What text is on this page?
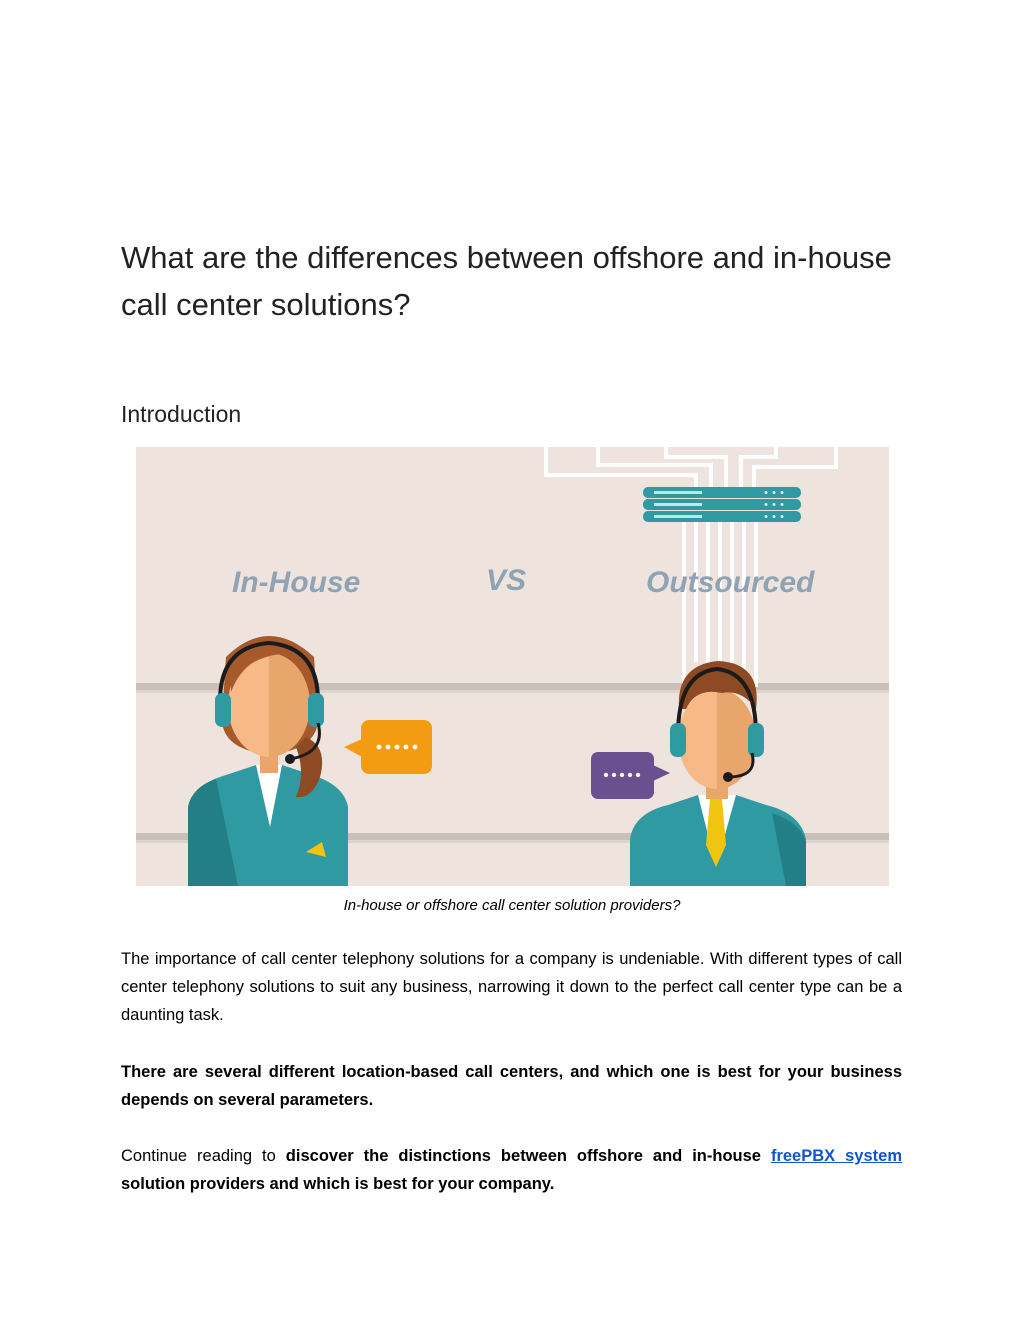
What are the differences between offshore and in-house call center solutions?
Introduction
In-House	VS	Outsourced
In-house or offshore call center solution providers?

The importance of call center telephony solutions for a company is undeniable. With different types of call center telephony solutions to suit any business, narrowing it down to the perfect call center type can be a daunting task.

There are several different location-based call centers, and which one is best for your business depends on several parameters.

Continue reading to discover the distinctions between offshore and in-house freePBX system solution providers and which is best for your company.
